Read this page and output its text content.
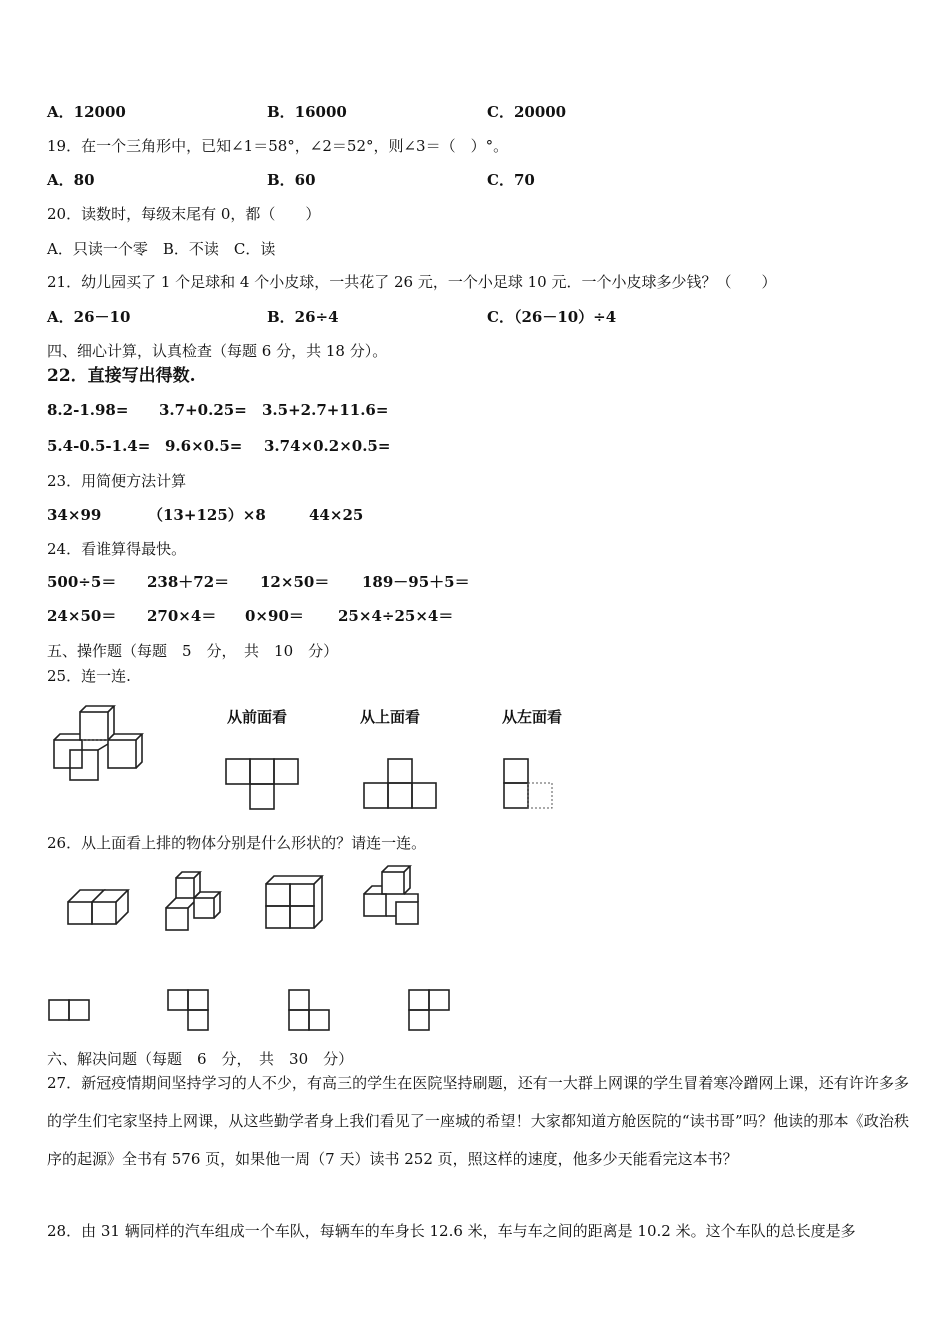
A．12000	B．16000	C．20000
19．在一个三角形中，已知∠1＝58°，∠2＝52°，则∠3＝（　）°。
A．80	B．60	C．70
20．读数时，每级末尾有 0，都（　　）
A．只读一个零　B．不读　C．读
21．幼儿园买了 1 个足球和 4 个小皮球，一共花了 26 元，一个小足球 10 元．一个小皮球多少钱？（　　）
A．26－10	B．26÷4	C．（26－10）÷4
四、细心计算，认真检查（每题 6 分，共 18 分）。
22．直接写出得数.
8.2-1.98= 3.7+0.25= 3.5+2.7+11.6=
5.4-0.5-1.4= 9.6×0.5= 3.74×0.2×0.5=
23．用简便方法计算
34×99	（13+125）×8	44×25
24．看谁算得最快。
500÷5＝ 238＋72＝ 12×50＝ 189－95＋5＝
24×50＝ 270×4＝ 0×90＝ 25×4÷25×4＝
五、操作题（每题　5　分，　共　10　分）
25．连一连.
从前面看	从上面看	从左面看
26．从上面看上排的物体分别是什么形状的？请连一连。
六、解决问题（每题　6　分，　共　30　分）
27．新冠疫情期间坚持学习的人不少，有高三的学生在医院坚持刷题，还有一大群上网课的学生冒着寒冷蹭网上课，还有许许多多的学生们宅家坚持上网课，从这些勤学者身上我们看见了一座城的希望！大家都知道方舱医院的“读书哥”吗？他读的那本《政治秩序的起源》全书有 576 页，如果他一周（7 天）读书 252 页，照这样的速度，他多少天能看完这本书？
28．由 31 辆同样的汽车组成一个车队，每辆车的车身长 12.6 米，车与车之间的距离是 10.2 米。这个车队的总长度是多
